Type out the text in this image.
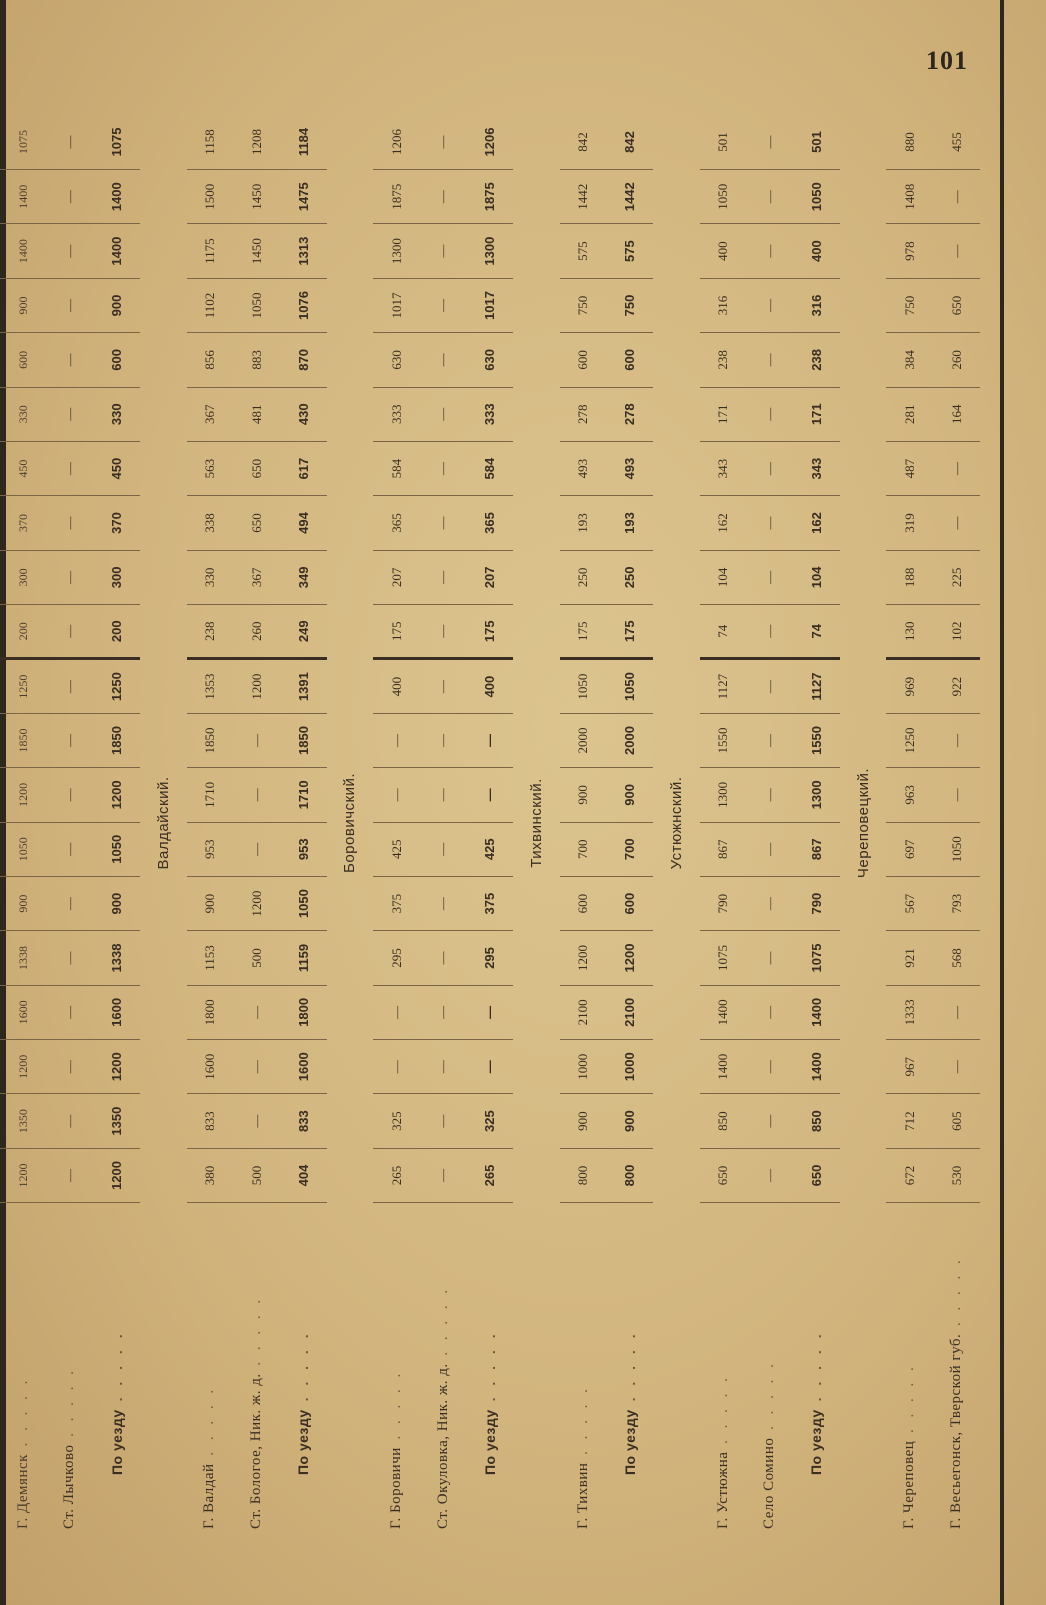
101
Г. Демянск . . . . .	1200	1350	1200	1600	1338	900	1050	1200	1850	1250	200	300	370	450	330	600	900	1400	1400	1075
Ст. Лычково . . . . .	—	—	—	—	—	—	—	—	—	—	—	—	—	—	—	—	—	—	—	—
По уезду . . . . .	1200	1350	1200	1600	1338	900	1050	1200	1850	1250	200	300	370	450	330	600	900	1400	1400	1075
Валдайский.																				
Г. Валдай . . . . .	380	833	1600	1800	1153	900	953	1710	1850	1353	238	330	338	563	367	856	1102	1175	1500	1158
Ст. Бологое, Ник. ж. д. . . . . .	500	—	—	—	500	1200	—	—	—	1200	260	367	650	650	481	883	1050	1450	1450	1208
По уезду . . . . .	404	833	1600	1800	1159	1050	953	1710	1850	1391	249	349	494	617	430	870	1076	1313	1475	1184
Боровичский.																				
Г. Боровичи . . . . .	265	325	—	—	295	375	425	—	—	400	175	207	365	584	333	630	1017	1300	1875	1206
Ст. Окуловка, Ник. ж. д. . . . . .	—	—	—	—	—	—	—	—	—	—	—	—	—	—	—	—	—	—	—	—
По уезду . . . . .	265	325	—	—	295	375	425	—	—	400	175	207	365	584	333	630	1017	1300	1875	1206
Тихвинский.																				
Г. Тихвин . . . . .	800	900	1000	2100	1200	600	700	900	2000	1050	175	250	193	493	278	600	750	575	1442	842
По уезду . . . . .	800	900	1000	2100	1200	600	700	900	2000	1050	175	250	193	493	278	600	750	575	1442	842
Устюжнский.																				
Г. Устюжна . . . . .	650	850	1400	1400	1075	790	867	1300	1550	1127	74	104	162	343	171	238	316	400	1050	501
Село Сомино . . . . .	—	—	—	—	—	—	—	—	—	—	—	—	—	—	—	—	—	—	—	—
По уезду . . . . .	650	850	1400	1400	1075	790	867	1300	1550	1127	74	104	162	343	171	238	316	400	1050	501
Череповецкий.																				
Г. Череповец . . . . .	672	712	967	1333	921	567	697	963	1250	969	130	188	319	487	281	384	750	978	1408	880
Г. Весьегонск, Тверской губ. . . . . .	530	605	—	—	568	793	1050	—	—	922	102	225	—	—	164	260	650	—	—	455
